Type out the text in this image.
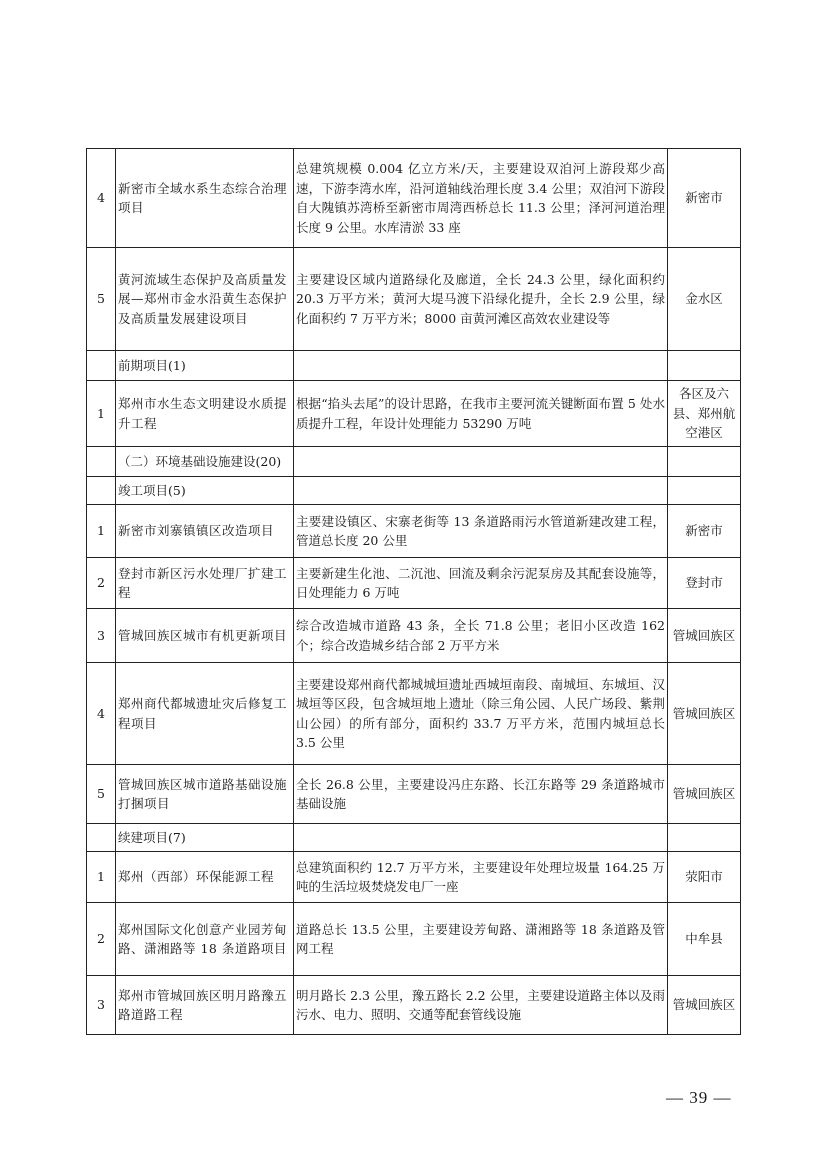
4	新密市全域水系生态综合治理项目	总建筑规模 0.004 亿立方米/天，主要建设双洎河上游段郑少高速，下游李湾水库，沿河道轴线治理长度 3.4 公里；双洎河下游段自大隗镇苏湾桥至新密市周湾西桥总长 11.3 公里；泽河河道治理长度 9 公里。水库清淤 33 座	新密市
5	黄河流域生态保护及高质量发展—郑州市金水沿黄生态保护及高质量发展建设项目	主要建设区域内道路绿化及廊道，全长 24.3 公里，绿化面积约 20.3 万平方米；黄河大堤马渡下沿绿化提升，全长 2.9 公里，绿化面积约 7 万平方米；8000 亩黄河滩区高效农业建设等	金水区
	前期项目(1)		
1	郑州市水生态文明建设水质提升工程	根据“掐头去尾”的设计思路，在我市主要河流关键断面布置 5 处水质提升工程，年设计处理能力 53290 万吨	各区及六县、郑州航空港区
	（二）环境基础设施建设(20)		
	竣工项目(5)		
1	新密市刘寨镇镇区改造项目	主要建设镇区、宋寨老街等 13 条道路雨污水管道新建改建工程，管道总长度 20 公里	新密市
2	登封市新区污水处理厂扩建工程	主要新建生化池、二沉池、回流及剩余污泥泵房及其配套设施等，日处理能力 6 万吨	登封市
3	管城回族区城市有机更新项目	综合改造城市道路 43 条，全长 71.8 公里；老旧小区改造 162 个；综合改造城乡结合部 2 万平方米	管城回族区
4	郑州商代都城遗址灾后修复工程项目	主要建设郑州商代都城城垣遗址西城垣南段、南城垣、东城垣、汉城垣等区段，包含城垣地上遗址（除三角公园、人民广场段、紫荆山公园）的所有部分，面积约 33.7 万平方米，范围内城垣总长 3.5 公里	管城回族区
5	管城回族区城市道路基础设施打捆项目	全长 26.8 公里，主要建设冯庄东路、长江东路等 29 条道路城市基础设施	管城回族区
	续建项目(7)		
1	郑州（西部）环保能源工程	总建筑面积约 12.7 万平方米，主要建设年处理垃圾量 164.25 万吨的生活垃圾焚烧发电厂一座	荥阳市
2	郑州国际文化创意产业园芳甸路、潇湘路等 18 条道路项目	道路总长 13.5 公里，主要建设芳甸路、潇湘路等 18 条道路及管网工程	中牟县
3	郑州市管城回族区明月路豫五路道路工程	明月路长 2.3 公里，豫五路长 2.2 公里，主要建设道路主体以及雨污水、电力、照明、交通等配套管线设施	管城回族区
— 39 —
